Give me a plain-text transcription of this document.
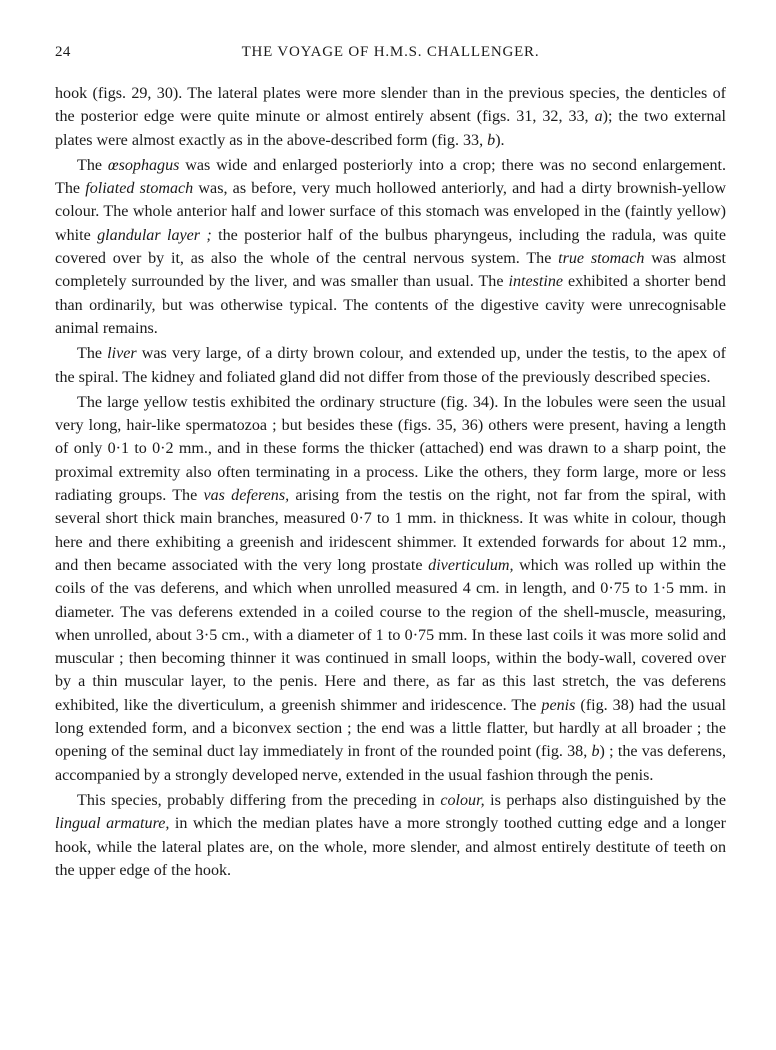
24	THE VOYAGE OF H.M.S. CHALLENGER.

hook (figs. 29, 30). The lateral plates were more slender than in the previous species, the denticles of the posterior edge were quite minute or almost entirely absent (figs. 31, 32, 33, a); the two external plates were almost exactly as in the above-described form (fig. 33, b).

The œsophagus was wide and enlarged posteriorly into a crop; there was no second enlargement. The foliated stomach was, as before, very much hollowed anteriorly, and had a dirty brownish-yellow colour. The whole anterior half and lower surface of this stomach was enveloped in the (faintly yellow) white glandular layer ; the posterior half of the bulbus pharyngeus, including the radula, was quite covered over by it, as also the whole of the central nervous system. The true stomach was almost completely surrounded by the liver, and was smaller than usual. The intestine exhibited a shorter bend than ordinarily, but was otherwise typical. The contents of the digestive cavity were unrecognisable animal remains.

The liver was very large, of a dirty brown colour, and extended up, under the testis, to the apex of the spiral. The kidney and foliated gland did not differ from those of the previously described species.

The large yellow testis exhibited the ordinary structure (fig. 34). In the lobules were seen the usual very long, hair-like spermatozoa ; but besides these (figs. 35, 36) others were present, having a length of only 0·1 to 0·2 mm., and in these forms the thicker (attached) end was drawn to a sharp point, the proximal extremity also often terminating in a process. Like the others, they form large, more or less radiating groups. The vas deferens, arising from the testis on the right, not far from the spiral, with several short thick main branches, measured 0·7 to 1 mm. in thickness. It was white in colour, though here and there exhibiting a greenish and iridescent shimmer. It extended forwards for about 12 mm., and then became associated with the very long prostate diverticulum, which was rolled up within the coils of the vas deferens, and which when unrolled measured 4 cm. in length, and 0·75 to 1·5 mm. in diameter. The vas deferens extended in a coiled course to the region of the shell-muscle, measuring, when unrolled, about 3·5 cm., with a diameter of 1 to 0·75 mm. In these last coils it was more solid and muscular ; then becoming thinner it was continued in small loops, within the body-wall, covered over by a thin muscular layer, to the penis. Here and there, as far as this last stretch, the vas deferens exhibited, like the diverticulum, a greenish shimmer and iridescence. The penis (fig. 38) had the usual long extended form, and a biconvex section ; the end was a little flatter, but hardly at all broader ; the opening of the seminal duct lay immediately in front of the rounded point (fig. 38, b) ; the vas deferens, accompanied by a strongly developed nerve, extended in the usual fashion through the penis.

This species, probably differing from the preceding in colour, is perhaps also distinguished by the lingual armature, in which the median plates have a more strongly toothed cutting edge and a longer hook, while the lateral plates are, on the whole, more slender, and almost entirely destitute of teeth on the upper edge of the hook.
